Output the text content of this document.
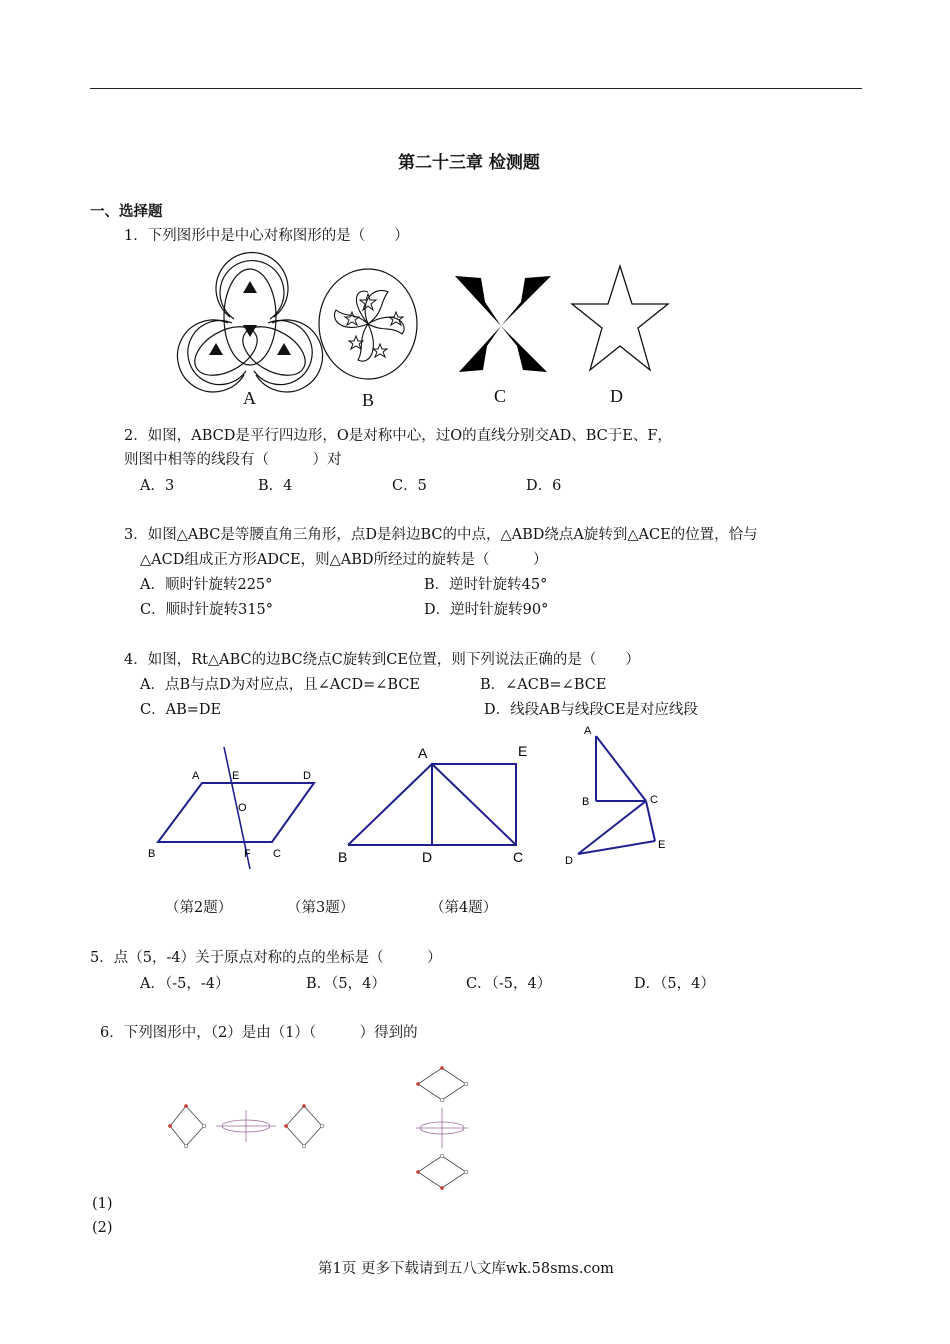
第二十三章 检测题
一、选择题
1．下列图形中是中心对称图形的是（　　）
A	B	C	D
2．如图，ABCD是平行四边形，O是对称中心，过O的直线分别交AD、BC于E、F，
则图中相等的线段有（　　　）对
A．3	B．4	C．5	D．6
3．如图△ABC是等腰直角三角形，点D是斜边BC的中点，△ABD绕点A旋转到△ACE的位置，恰与
△ACD组成正方形ADCE，则△ABD所经过的旋转是（　　　）
A．顺时针旋转225°	B．逆时针旋转45°
C．顺时针旋转315°	D．逆时针旋转90°
4．如图，Rt△ABC的边BC绕点C旋转到CE位置，则下列说法正确的是（　　）
A．点B与点D为对应点，且∠ACD=∠BCE	B．∠ACB=∠BCE
C．AB=DE	D．线段AB与线段CE是对应线段
A	E	D
O
B	F C
A	E
B	D	C
A
B	C
D
E
（第2题）	（第3题）	（第4题）
5．点（5，-4）关于原点对称的点的坐标是（　　　）
A．（-5，-4）	B．（5，4）	C．（-5，4）	D．（5，4）
6．下列图形中，（2）是由（1）（　　　）得到的
(1)
(2)
第1页 更多下载请到五八文库wk.58sms.com
